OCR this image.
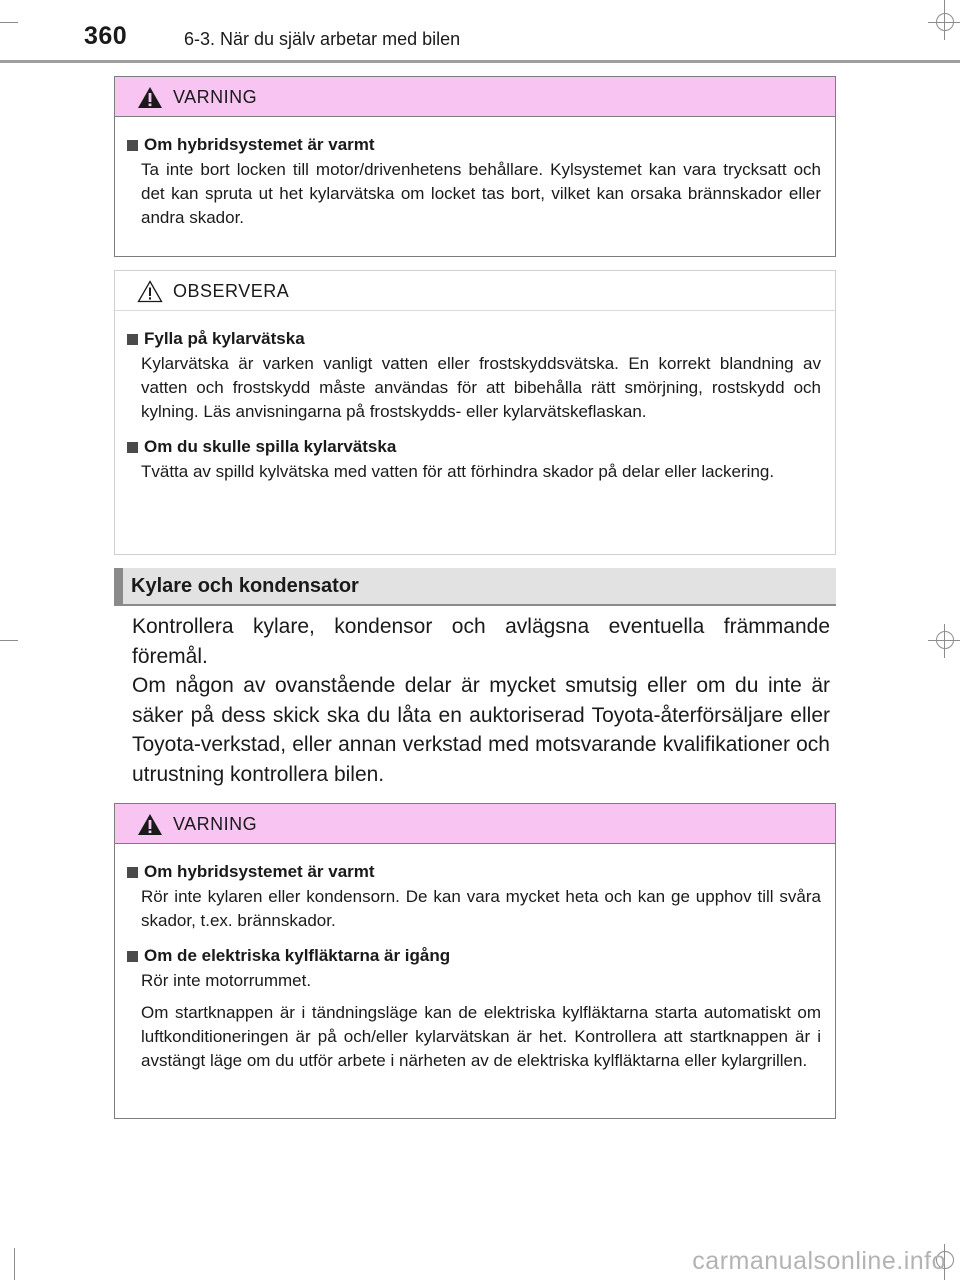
360	6-3. När du själv arbetar med bilen
VARNING
Om hybridsystemet är varmt

Ta inte bort locken till motor/drivenhetens behållare. Kylsystemet kan vara trycksatt och det kan spruta ut het kylarvätska om locket tas bort, vilket kan orsaka brännskador eller andra skador.

OBSERVERA
Fylla på kylarvätska

Kylarvätska är varken vanligt vatten eller frostskyddsvätska. En korrekt blandning av vatten och frostskydd måste användas för att bibehålla rätt smörjning, rostskydd och kylning. Läs anvisningarna på frostskydds- eller kylarvätskeflaskan.

Om du skulle spilla kylarvätska

Tvätta av spilld kylvätska med vatten för att förhindra skador på delar eller lackering.

Kylare och kondensator

Kontrollera kylare, kondensor och avlägsna eventuella främmande föremål.

Om någon av ovanstående delar är mycket smutsig eller om du inte är säker på dess skick ska du låta en auktoriserad Toyota-återförsäljare eller Toyota-verkstad, eller annan verkstad med motsvarande kvalifikationer och utrustning kontrollera bilen.

VARNING
Om hybridsystemet är varmt

Rör inte kylaren eller kondensorn. De kan vara mycket heta och kan ge upphov till svåra skador, t.ex. brännskador.

Om de elektriska kylfläktarna är igång

Rör inte motorrummet.

Om startknappen är i tändningsläge kan de elektriska kylfläktarna starta automatiskt om luftkonditioneringen är på och/eller kylarvätskan är het. Kontrollera att startknappen är i avstängt läge om du utför arbete i närheten av de elektriska kylfläktarna eller kylargrillen.

carmanualsonline.info
